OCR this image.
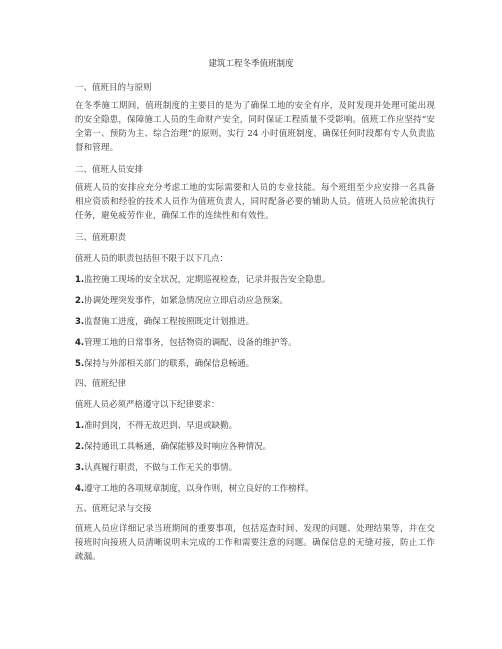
建筑工程冬季值班制度
一、值班目的与原则

在冬季施工期间，值班制度的主要目的是为了确保工地的安全有序，及时发现并处理可能出现的安全隐患，保障施工人员的生命财产安全，同时保证工程质量不受影响。值班工作应坚持“安全第一、预防为主、综合治理”的原则，实行 24 小时值班制度，确保任何时段都有专人负责监督和管理。

二、值班人员安排

值班人员的安排应充分考虑工地的实际需要和人员的专业技能。每个班组至少应安排一名具备相应资质和经验的技术人员作为值班负责人，同时配备必要的辅助人员。值班人员应轮流执行任务，避免疲劳作业，确保工作的连续性和有效性。

三、值班职责
值班人员的职责包括但不限于以下几点：
1.监控施工现场的安全状况，定期巡视检查，记录并报告安全隐患。
2.协调处理突发事件，如紧急情况应立即启动应急预案。
3.监督施工进度，确保工程按照既定计划推进。
4.管理工地的日常事务，包括物资的调配、设备的维护等。
5.保持与外部相关部门的联系，确保信息畅通。
四、值班纪律
值班人员必须严格遵守以下纪律要求：
1.准时到岗，不得无故迟到、早退或缺勤。
2.保持通讯工具畅通，确保能够及时响应各种情况。
3.认真履行职责，不做与工作无关的事情。
4.遵守工地的各项规章制度，以身作则，树立良好的工作榜样。
五、值班记录与交接

值班人员应详细记录当班期间的重要事项，包括巡查时间、发现的问题、处理结果等，并在交接班时向接班人员清晰说明未完成的工作和需要注意的问题。确保信息的无缝对接，防止工作疏漏。
